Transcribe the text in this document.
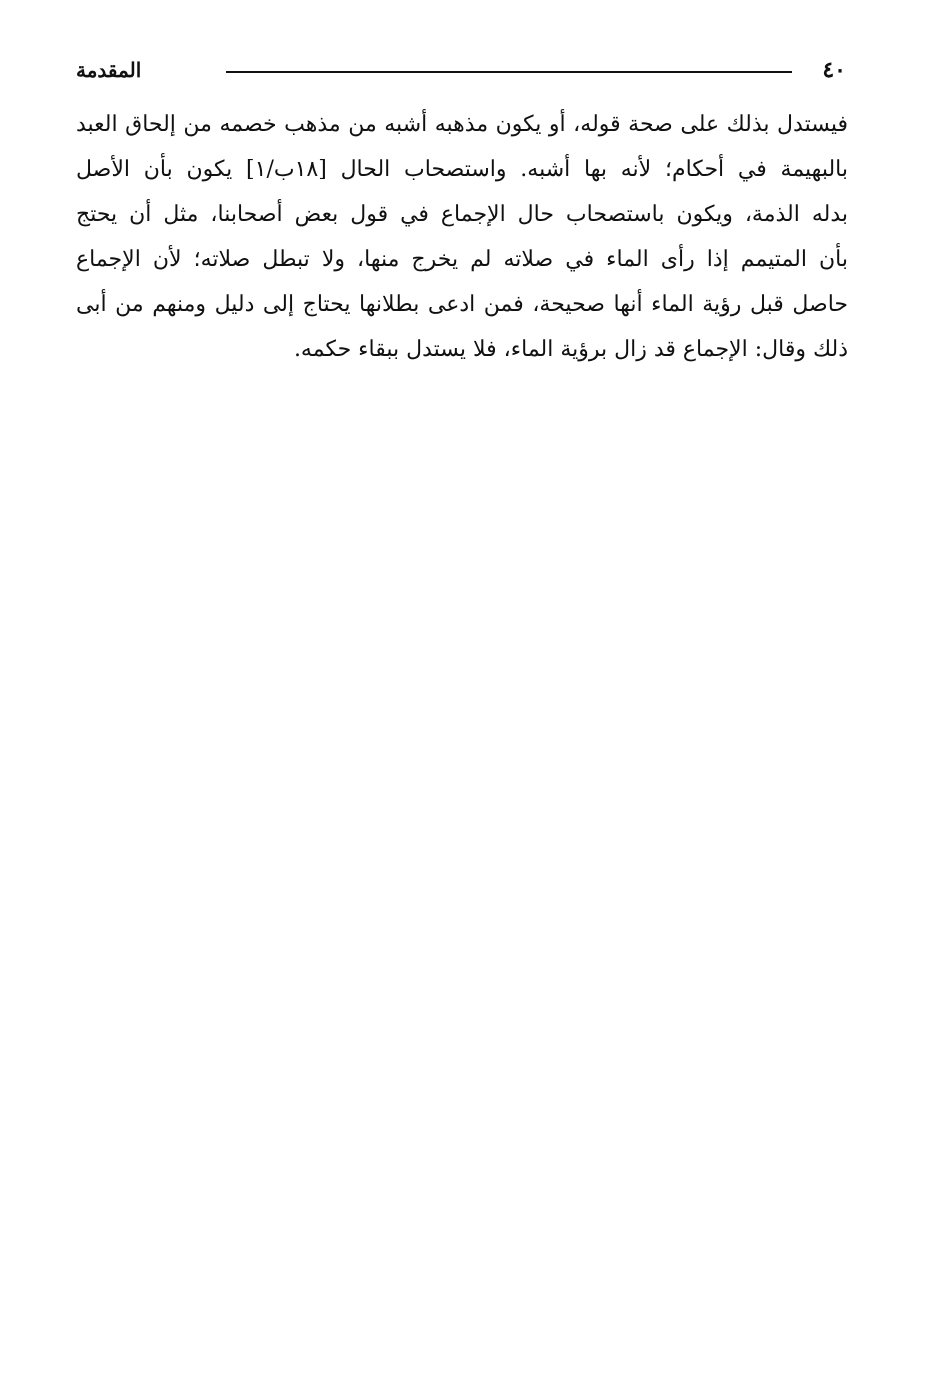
٤٠
المقدمة
فيستدل بذلك على صحة قوله، أو يكون مذهبه أشبه من مذهب خصمه من إلحاق العبد
بالبهيمة في أحكام؛ لأنه بها أشبه. واستصحاب الحال [١٨ب/١] يكون بأن الأصل
بدله الذمة، ويكون باستصحاب حال الإجماع في قول بعض أصحابنا، مثل أن يحتج
بأن المتيمم إذا رأى الماء في صلاته لم يخرج منها، ولا تبطل صلاته؛ لأن الإجماع
حاصل قبل رؤية الماء أنها صحيحة، فمن ادعى بطلانها يحتاج إلى دليل ومنهم من أبى
ذلك وقال: الإجماع قد زال برؤية الماء، فلا يستدل ببقاء حكمه.
